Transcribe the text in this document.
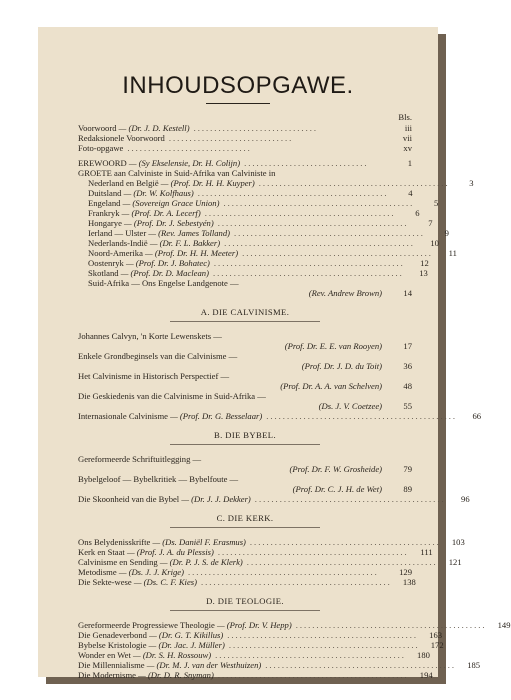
INHOUDSOPGAWE.
Bls.
Voorwoord — (Dr. J. D. Kestell) ..............................	iii
Redaksionele Voorwoord ..............................	vii
Foto-opgawe ..............................	xv
EREWOORD — (Sy Ekselensie, Dr. H. Colijn) ..............................	1
GROETE aan Calviniste in Suid-Afrika van Calviniste in
Nederland en België — (Prof. Dr. H. H. Kuyper) ..............................................	3
Duitsland — (Dr. W. Kolfhaus) ..............................................	4
Engeland — (Sovereign Grace Union) ..............................................	5
Frankryk — (Prof. Dr. A. Lecerf) ..............................................	6
Hongarye — (Prof. Dr. J. Sebestyén) ..............................................	7
Ierland — Ulster — (Rev. James Tolland) ..............................................	9
Nederlands-Indië — (Dr. F. L. Bakker) ..............................................	10
Noord-Amerika — (Prof. Dr. H. H. Meeter) ..............................................	11
Oostenryk — (Prof. Dr. J. Bohatec) ..............................................	12
Skotland — (Prof. Dr. D. Maclean) ..............................................	13
Suid-Afrika — Ons Engelse Landgenote —
(Rev. Andrew Brown)	14
A. DIE CALVINISME.
Johannes Calvyn, 'n Korte Lewenskets —
(Prof. Dr. E. E. van Rooyen)	17
Enkele Grondbeginsels van die Calvinisme —
(Prof. Dr. J. D. du Toit)	36
Het Calvinisme in Historisch Perspectief —
(Prof. Dr. A. A. van Schelven)	48
Die Geskiedenis van die Calvinisme in Suid-Afrika —
(Ds. J. V. Coetzee)	55
Internasionale Calvinisme — (Prof. Dr. G. Besselaar) ..............................................	66
B. DIE BYBEL.
Gereformeerde Schriftuitlegging —
(Prof. Dr. F. W. Grosheide)	79
Bybelgeloof — Bybelkritiek — Bybelfoute —
(Prof. Dr. C. J. H. de Wet)	89
Die Skoonheid van die Bybel — (Dr. J. J. Dekker) ..............................................	96
C. DIE KERK.
Ons Belydenisskrifte — (Ds. Daniël F. Erasmus) ..............................................	103
Kerk en Staat — (Prof. J. A. du Plessis) ..............................................	111
Calvinisme en Sending — (Dr. P. J. S. de Klerk) ..............................................	121
Metodisme — (Ds. J. J. Krige) ..............................................	129
Die Sekte-wese — (Ds. C. F. Kies) ..............................................	138
D. DIE TEOLOGIE.
Gereformeerde Progressiewe Theologie — (Prof. Dr. V. Hepp) ..............................................	149
Die Genadeverbond — (Dr. G. T. Kikillus) ..............................................	163
Bybelse Kristologie — (Dr. Jac. J. Müller) ..............................................	172
Wonder en Wet — (Dr. S. H. Rossouw) ..............................................	180
Die Millennialisme — (Dr. M. J. van der Westhuizen) ..............................................	185
Die Modernisme — (Dr. D. R. Snyman) ..............................................	194
